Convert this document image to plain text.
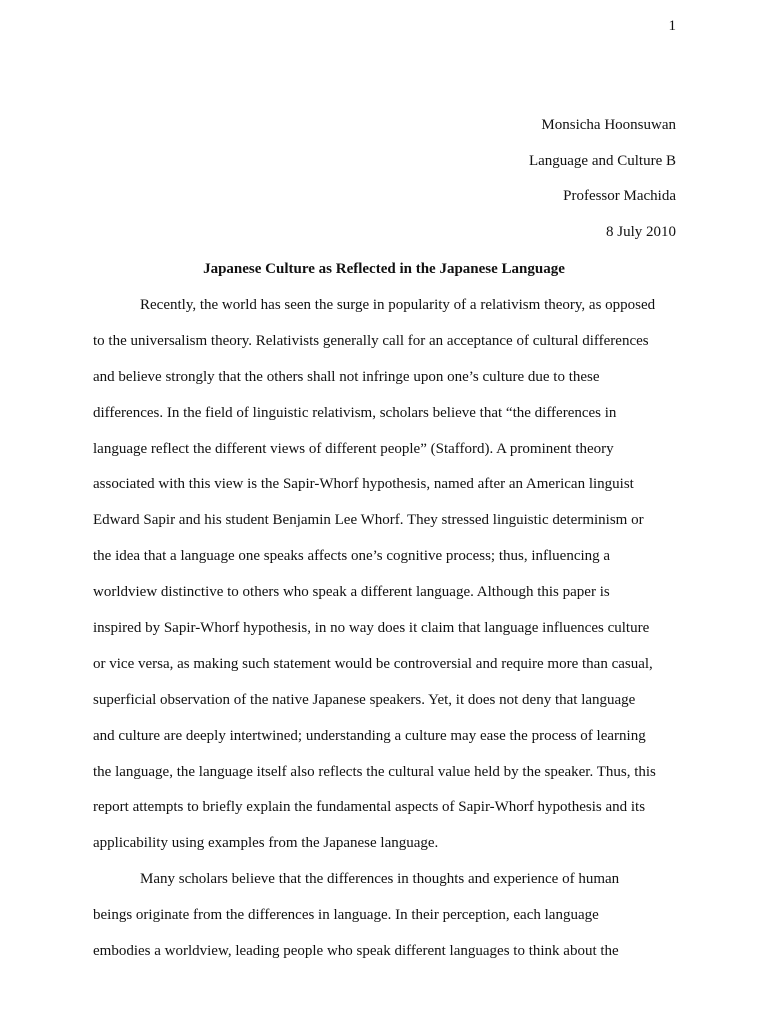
1
Monsicha Hoonsuwan
Language and Culture B
Professor Machida
8 July 2010
Japanese Culture as Reflected in the Japanese Language
Recently, the world has seen the surge in popularity of a relativism theory, as opposed
to the universalism theory. Relativists generally call for an acceptance of cultural differences
and believe strongly that the others shall not infringe upon one’s culture due to these
differences. In the field of linguistic relativism, scholars believe that “the differences in
language reflect the different views of different people” (Stafford). A prominent theory
associated with this view is the Sapir-Whorf hypothesis, named after an American linguist
Edward Sapir and his student Benjamin Lee Whorf. They stressed linguistic determinism or
the idea that a language one speaks affects one’s cognitive process; thus, influencing a
worldview distinctive to others who speak a different language. Although this paper is
inspired by Sapir-Whorf hypothesis, in no way does it claim that language influences culture
or vice versa, as making such statement would be controversial and require more than casual,
superficial observation of the native Japanese speakers. Yet, it does not deny that language
and culture are deeply intertwined; understanding a culture may ease the process of learning
the language, the language itself also reflects the cultural value held by the speaker. Thus, this
report attempts to briefly explain the fundamental aspects of Sapir-Whorf hypothesis and its
applicability using examples from the Japanese language.
Many scholars believe that the differences in thoughts and experience of human
beings originate from the differences in language. In their perception, each language
embodies a worldview, leading people who speak different languages to think about the
